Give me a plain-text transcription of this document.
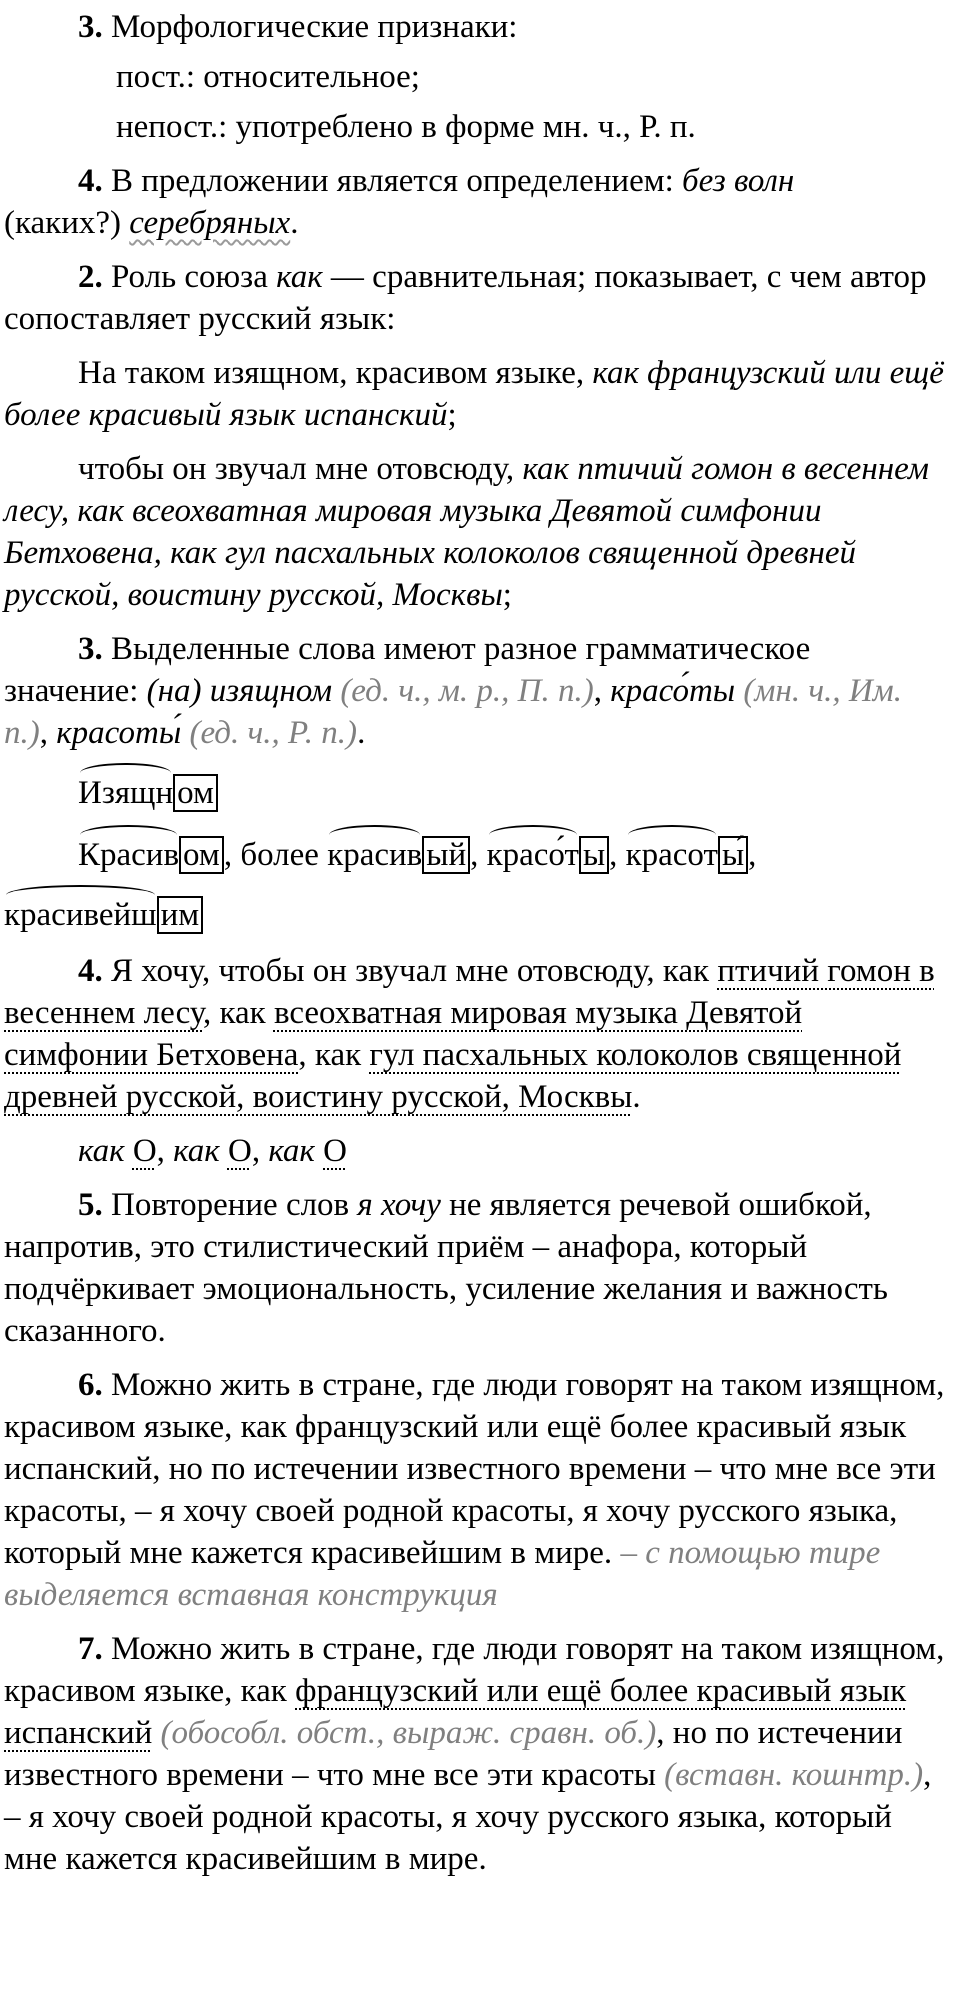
3. Морфологические признаки:

пост.: относительное;

непост.: употреблено в форме мн. ч., Р. п.

4. В предложении является определением: без волн
(каких?) серебряных.

2. Роль союза как — сравнительная; показывает, с чем автор сопоставляет русский язык:

На таком изящном, красивом языке, как французский или ещё более красивый язык испанский;

чтобы он звучал мне отовсюду, как птичий гомон в весеннем лесу, как всеохватная мировая музыка Девятой симфонии Бетховена, как гул пасхальных колоколов священной древней русской, воистину русской, Москвы;

3. Выделенные слова имеют разное грамматическое значение: (на) изящном (ед. ч., м. р., П. п.), красо́ты (мн. ч., Им. п.), красоты́ (ед. ч., Р. п.).

Изящн ом
Красив ом , более красив ый , красо́т ы , красот ы́ ,
красивейш им

4. Я хочу, чтобы он звучал мне отовсюду, как птичий гомон в весеннем лесу, как всеохватная мировая музыка Девятой симфонии Бетховена, как гул пасхальных колоколов священной древней русской, воистину русской, Москвы.

как О, как О, как О

5. Повторение слов я хочу не является речевой ошибкой, напротив, это стилистический приём – анафора, который подчёркивает эмоциональность, усиление желания и важность сказанного.

6. Можно жить в стране, где люди говорят на таком изящном, красивом языке, как французский или ещё более красивый язык испанский, но по истечении известного времени – что мне все эти красоты, – я хочу своей родной красоты, я хочу русского языка, который мне кажется красивейшим в мире. – с помощью тире выделяется вставная конструкция

7. Можно жить в стране, где люди говорят на таком изящном, красивом языке, как французский или ещё более красивый язык испанский (обособл. обст., выраж. сравн. об.), но по истечении известного времени – что мне все эти красоты (вставн. кошнтр.), – я хочу своей родной красоты, я хочу русского языка, который мне кажется красивейшим в мире.
